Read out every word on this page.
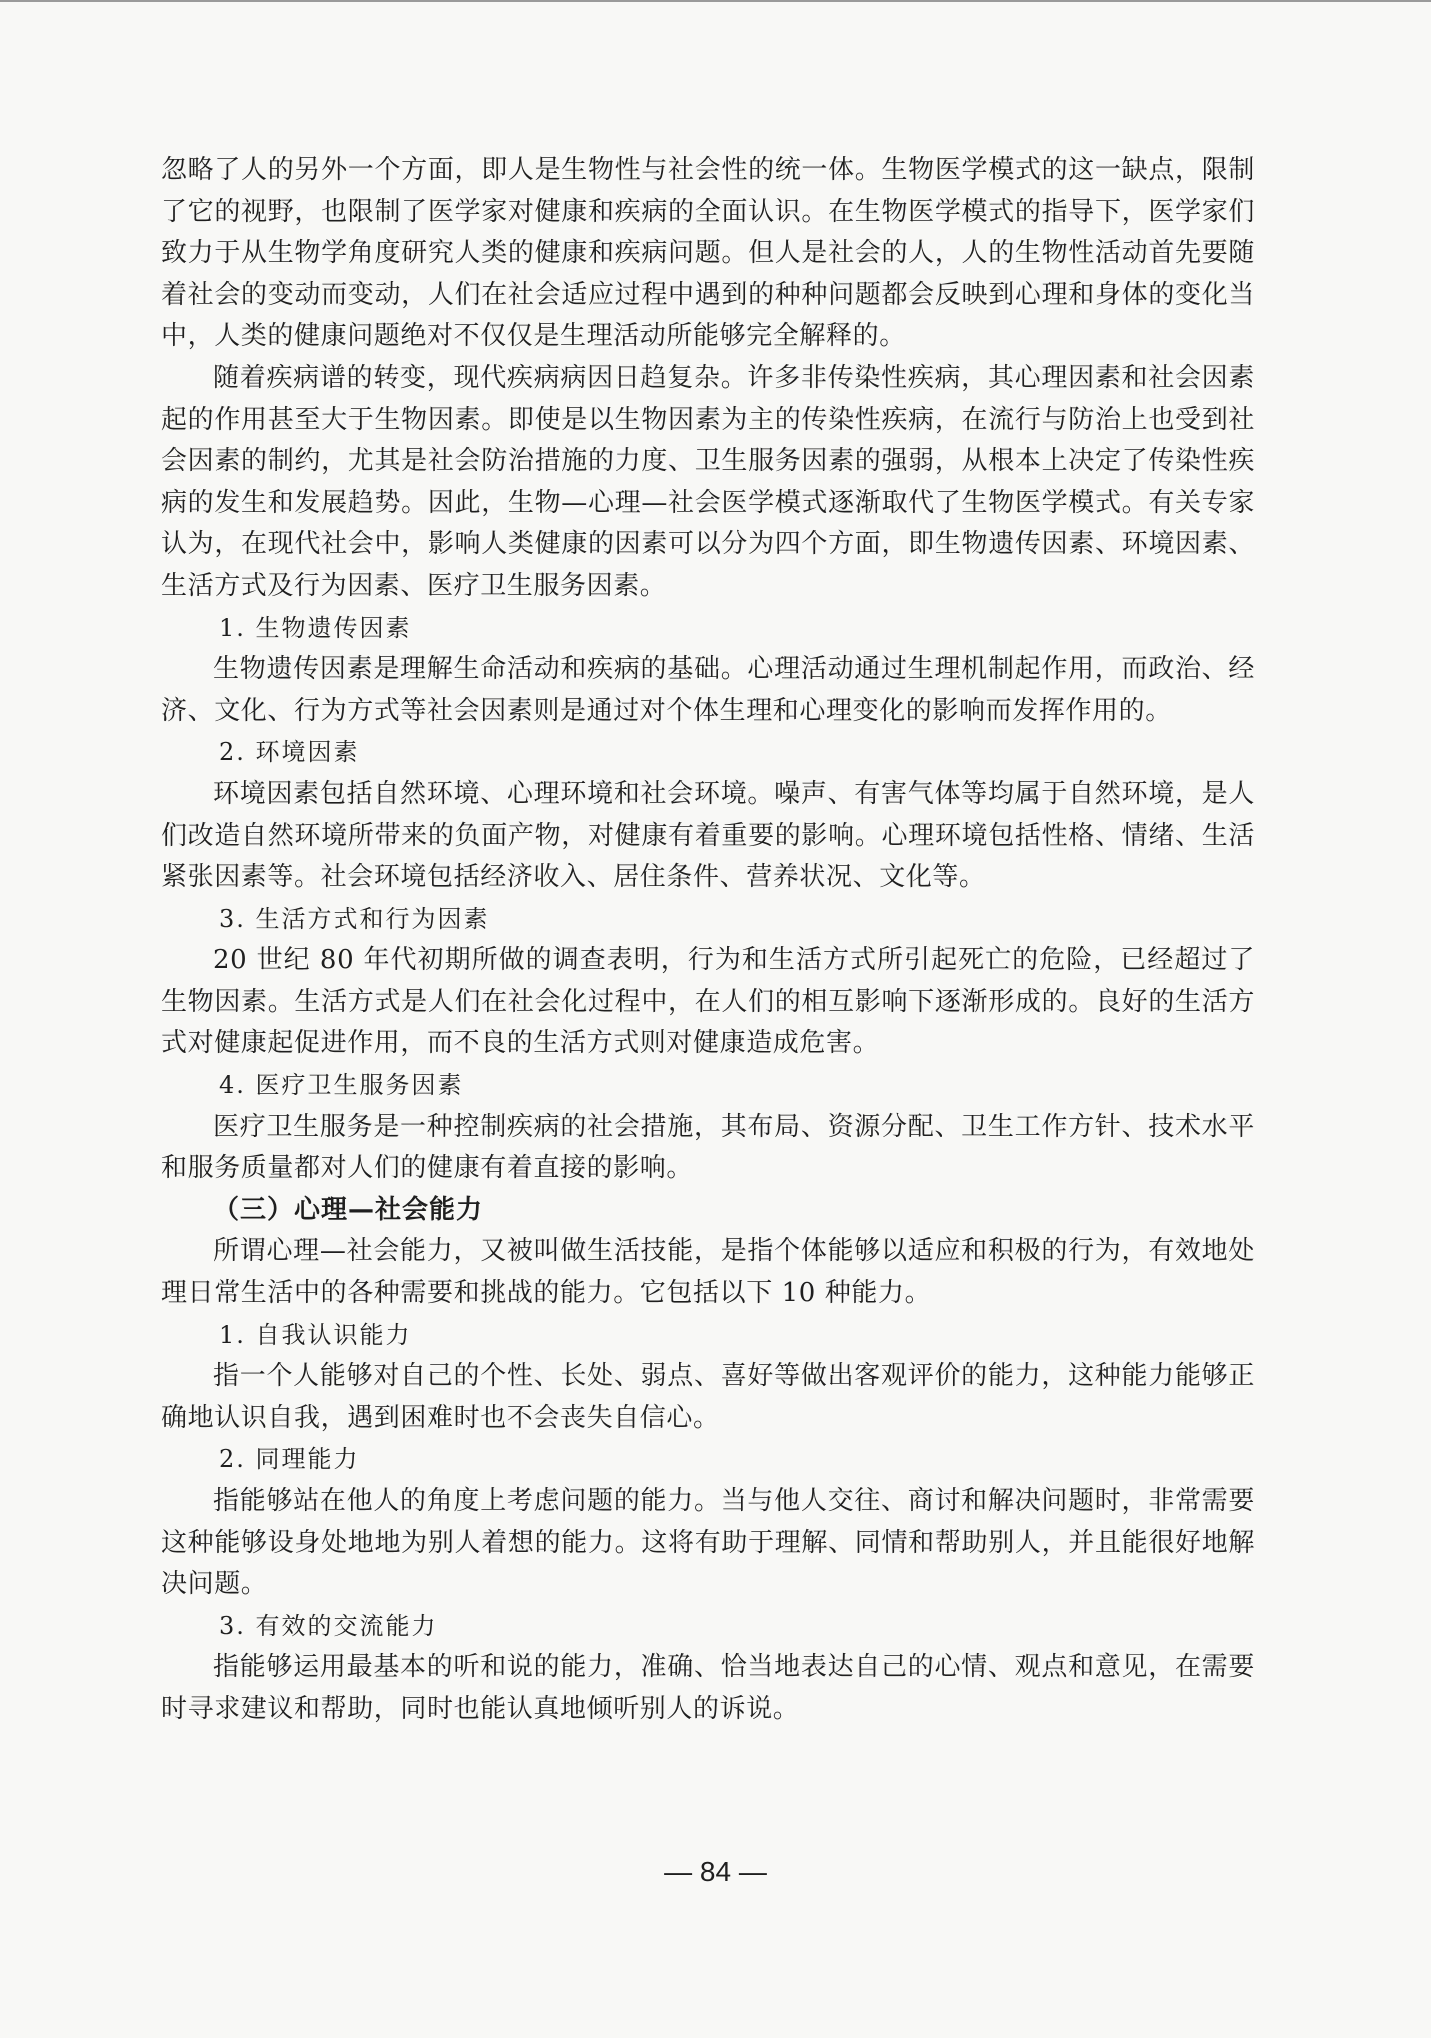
忽略了人的另外一个方面，即人是生物性与社会性的统一体。生物医学模式的这一缺点，限制了它的视野，也限制了医学家对健康和疾病的全面认识。在生物医学模式的指导下，医学家们致力于从生物学角度研究人类的健康和疾病问题。但人是社会的人，人的生物性活动首先要随着社会的变动而变动，人们在社会适应过程中遇到的种种问题都会反映到心理和身体的变化当中，人类的健康问题绝对不仅仅是生理活动所能够完全解释的。

随着疾病谱的转变，现代疾病病因日趋复杂。许多非传染性疾病，其心理因素和社会因素起的作用甚至大于生物因素。即使是以生物因素为主的传染性疾病，在流行与防治上也受到社会因素的制约，尤其是社会防治措施的力度、卫生服务因素的强弱，从根本上决定了传染性疾病的发生和发展趋势。因此，生物—心理—社会医学模式逐渐取代了生物医学模式。有关专家认为，在现代社会中，影响人类健康的因素可以分为四个方面，即生物遗传因素、环境因素、生活方式及行为因素、医疗卫生服务因素。

1. 生物遗传因素

生物遗传因素是理解生命活动和疾病的基础。心理活动通过生理机制起作用，而政治、经济、文化、行为方式等社会因素则是通过对个体生理和心理变化的影响而发挥作用的。

2. 环境因素

环境因素包括自然环境、心理环境和社会环境。噪声、有害气体等均属于自然环境，是人们改造自然环境所带来的负面产物，对健康有着重要的影响。心理环境包括性格、情绪、生活紧张因素等。社会环境包括经济收入、居住条件、营养状况、文化等。

3. 生活方式和行为因素

20 世纪 80 年代初期所做的调查表明，行为和生活方式所引起死亡的危险，已经超过了生物因素。生活方式是人们在社会化过程中，在人们的相互影响下逐渐形成的。良好的生活方式对健康起促进作用，而不良的生活方式则对健康造成危害。

4. 医疗卫生服务因素

医疗卫生服务是一种控制疾病的社会措施，其布局、资源分配、卫生工作方针、技术水平和服务质量都对人们的健康有着直接的影响。

（三）心理—社会能力

所谓心理—社会能力，又被叫做生活技能，是指个体能够以适应和积极的行为，有效地处理日常生活中的各种需要和挑战的能力。它包括以下 10 种能力。

1. 自我认识能力

指一个人能够对自己的个性、长处、弱点、喜好等做出客观评价的能力，这种能力能够正确地认识自我，遇到困难时也不会丧失自信心。

2. 同理能力

指能够站在他人的角度上考虑问题的能力。当与他人交往、商讨和解决问题时，非常需要这种能够设身处地地为别人着想的能力。这将有助于理解、同情和帮助别人，并且能很好地解决问题。

3. 有效的交流能力

指能够运用最基本的听和说的能力，准确、恰当地表达自己的心情、观点和意见，在需要时寻求建议和帮助，同时也能认真地倾听别人的诉说。

— 84 —
